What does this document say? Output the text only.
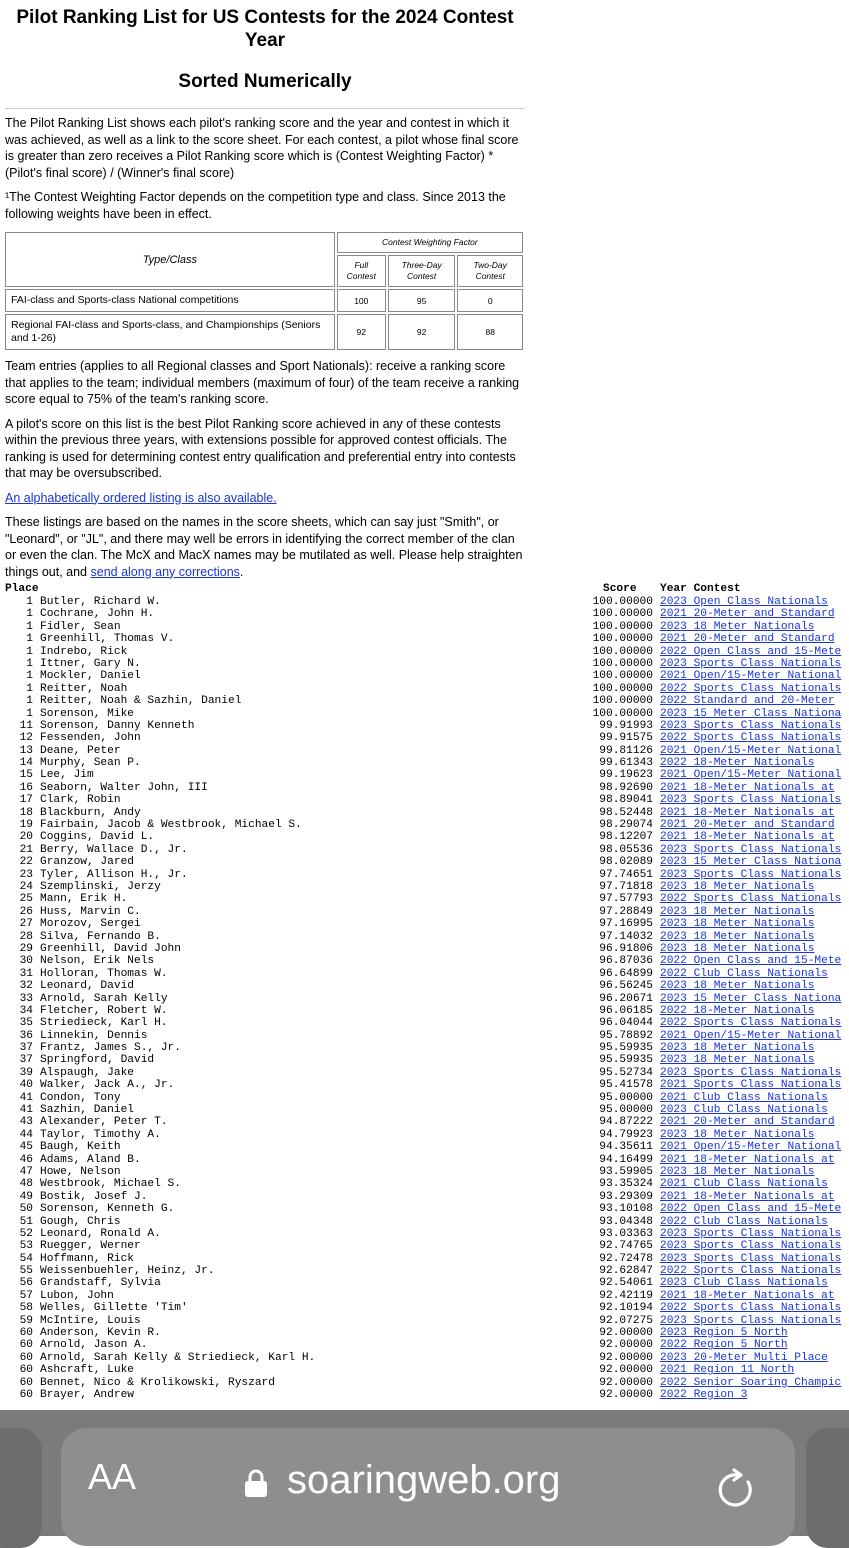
Pilot Ranking List for US Contests for the 2024 Contest Year
Sorted Numerically

The Pilot Ranking List shows each pilot's ranking score and the year and contest in which it was achieved, as well as a link to the score sheet. For each contest, a pilot whose final score is greater than zero receives a Pilot Ranking score which is (Contest Weighting Factor) * (Pilot's final score) / (Winner's final score)

¹The Contest Weighting Factor depends on the competition type and class. Since 2013 the following weights have been in effect.

Type/Class	Contest Weighting Factor		
	Full Contest	Three-Day Contest	Two-Day Contest
FAI-class and Sports-class National competitions	100	95	0
Regional FAI-class and Sports-class, and Championships (Seniors and 1-26)	92	92	88

Team entries (applies to all Regional classes and Sport Nationals): receive a ranking score that applies to the team; individual members (maximum of four) of the team receive a ranking score equal to 75% of the team's ranking score.

A pilot's score on this list is the best Pilot Ranking score achieved in any of these contests within the previous three years, with extensions possible for approved contest officials. The ranking is used for determining contest entry qualification and preferential entry into contests that may be oversubscribed.

An alphabetically ordered listing is also available.

These listings are based on the names in the score sheets, which can say just "Smith", or "Leonard", or "JL", and there may well be errors in identifying the correct member of the clan or even the clan. The McX and MacX names may be mutilated as well. Please help straighten things out, and send along any corrections.

Place	Score Year Contest
1 Butler, Richard W.	100.00000 2023 Open Class Nationals
1 Cochrane, John H.	100.00000 2021 20-Meter and Standard
1 Fidler, Sean	100.00000 2023 18 Meter Nationals
1 Greenhill, Thomas V.	100.00000 2021 20-Meter and Standard
1 Indrebo, Rick	100.00000 2022 Open Class and 15-Mete
1 Ittner, Gary N.	100.00000 2023 Sports Class Nationals
1 Mockler, Daniel	100.00000 2021 Open/15-Meter National
1 Reitter, Noah	100.00000 2022 Sports Class Nationals
1 Reitter, Noah & Sazhin, Daniel	100.00000 2022 Standard and 20-Meter
1 Sorenson, Mike	100.00000 2023 15 Meter Class Nationa
11 Sorenson, Danny Kenneth	99.91993 2023 Sports Class Nationals
12 Fessenden, John	99.91575 2022 Sports Class Nationals
13 Deane, Peter	99.81126 2021 Open/15-Meter National
14 Murphy, Sean P.	99.61343 2022 18-Meter Nationals
15 Lee, Jim	99.19623 2021 Open/15-Meter National
16 Seaborn, Walter John, III	98.92690 2021 18-Meter Nationals at
17 Clark, Robin	98.89041 2023 Sports Class Nationals
18 Blackburn, Andy	98.52448 2021 18-Meter Nationals at
19 Fairbain, Jacob & Westbrook, Michael S.	98.29074 2021 20-Meter and Standard
20 Coggins, David L.	98.12207 2021 18-Meter Nationals at
21 Berry, Wallace D., Jr.	98.05536 2023 Sports Class Nationals
22 Granzow, Jared	98.02089 2023 15 Meter Class Nationa
23 Tyler, Allison H., Jr.	97.74651 2023 Sports Class Nationals
24 Szemplinski, Jerzy	97.71818 2023 18 Meter Nationals
25 Mann, Erik H.	97.57793 2022 Sports Class Nationals
26 Huss, Marvin C.	97.28849 2023 18 Meter Nationals
27 Morozov, Sergei	97.16995 2023 18 Meter Nationals
28 Silva, Fernando B.	97.14032 2023 18 Meter Nationals
29 Greenhill, David John	96.91806 2023 18 Meter Nationals
30 Nelson, Erik Nels	96.87036 2022 Open Class and 15-Mete
31 Holloran, Thomas W.	96.64899 2022 Club Class Nationals
32 Leonard, David	96.56245 2023 18 Meter Nationals
33 Arnold, Sarah Kelly	96.20671 2023 15 Meter Class Nationa
34 Fletcher, Robert W.	96.06185 2022 18-Meter Nationals
35 Striedieck, Karl H.	96.04044 2022 Sports Class Nationals
36 Linnekin, Dennis	95.78892 2021 Open/15-Meter National
37 Frantz, James S., Jr.	95.59935 2023 18 Meter Nationals
37 Springford, David	95.59935 2023 18 Meter Nationals
39 Alspaugh, Jake	95.52734 2023 Sports Class Nationals
40 Walker, Jack A., Jr.	95.41578 2021 Sports Class Nationals
41 Condon, Tony	95.00000 2021 Club Class Nationals
41 Sazhin, Daniel	95.00000 2023 Club Class Nationals
43 Alexander, Peter T.	94.87222 2021 20-Meter and Standard
44 Taylor, Timothy A.	94.79923 2023 18 Meter Nationals
45 Baugh, Keith	94.35611 2021 Open/15-Meter National
46 Adams, Aland B.	94.16499 2021 18-Meter Nationals at
47 Howe, Nelson	93.59905 2023 18 Meter Nationals
48 Westbrook, Michael S.	93.35324 2021 Club Class Nationals
49 Bostik, Josef J.	93.29309 2021 18-Meter Nationals at
50 Sorenson, Kenneth G.	93.10108 2022 Open Class and 15-Mete
51 Gough, Chris	93.04348 2022 Club Class Nationals
52 Leonard, Ronald A.	93.03363 2023 Sports Class Nationals
53 Ruegger, Werner	92.74765 2023 Sports Class Nationals
54 Hoffmann, Rick	92.72478 2023 Sports Class Nationals
55 Weissenbuehler, Heinz, Jr.	92.62847 2022 Sports Class Nationals
56 Grandstaff, Sylvia	92.54061 2023 Club Class Nationals
57 Lubon, John	92.42119 2021 18-Meter Nationals at
58 Welles, Gillette 'Tim'	92.10194 2022 Sports Class Nationals
59 McIntire, Louis	92.07275 2023 Sports Class Nationals
60 Anderson, Kevin R.	92.00000 2023 Region 5 North
60 Arnold, Jason A.	92.00000 2022 Region 5 North
60 Arnold, Sarah Kelly & Striedieck, Karl H.	92.00000 2023 20-Meter Multi Place
60 Ashcraft, Luke	92.00000 2021 Region 11 North
60 Bennet, Nico & Krolikowski, Ryszard	92.00000 2022 Senior Soaring Champic
60 Brayer, Andrew	92.00000 2022 Region 3
AA	soaringweb.org
